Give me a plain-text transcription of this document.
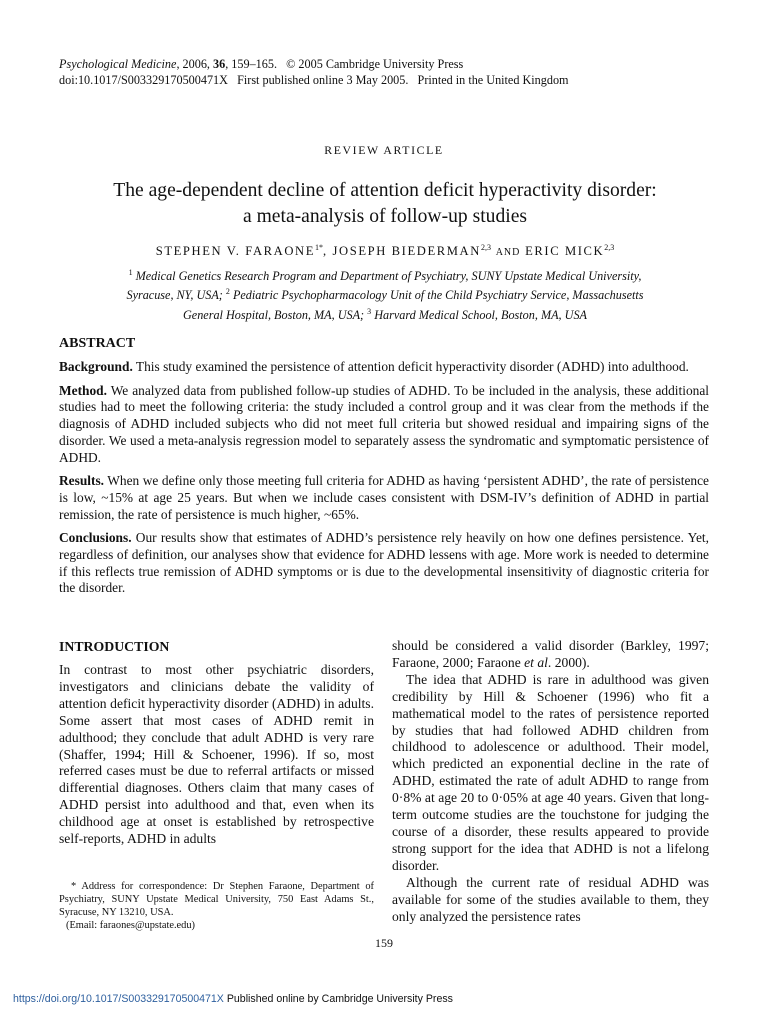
Psychological Medicine, 2006, 36, 159–165. © 2005 Cambridge University Press
doi:10.1017/S003329170500471X First published online 3 May 2005. Printed in the United Kingdom
REVIEW ARTICLE
The age-dependent decline of attention deficit hyperactivity disorder:
a meta-analysis of follow-up studies
STEPHEN V. $FARAONE^{1*}$, JOSEPH BIEDERMAN$^{2,3}$ AND ERIC MICK$^{2,3}$
$^1$ Medical Genetics Research Program and Department of Psychiatry, SUNY Upstate Medical University,
Syracuse, NY, USA; $^2$ Pediatric Psychopharmacology Unit of the Child Psychiatry Service, Massachusetts
General Hospital, Boston, MA, USA; $^3$ Harvard Medical School, Boston, MA, USA
ABSTRACT

Background. This study examined the persistence of attention deficit hyperactivity disorder (ADHD) into adulthood.

Method. We analyzed data from published follow-up studies of ADHD. To be included in the analysis, these additional studies had to meet the following criteria: the study included a control group and it was clear from the methods if the diagnosis of ADHD included subjects who did not meet full criteria but showed residual and impairing signs of the disorder. We used a meta-analysis regression model to separately assess the syndromatic and symptomatic persistence of ADHD.

Results. When we define only those meeting full criteria for ADHD as having ‘persistent ADHD’, the rate of persistence is low, ~15% at age 25 years. But when we include cases consistent with DSM-IV’s definition of ADHD in partial remission, the rate of persistence is much higher, ~65%.

Conclusions. Our results show that estimates of ADHD’s persistence rely heavily on how one defines persistence. Yet, regardless of definition, our analyses show that evidence for ADHD lessens with age. More work is needed to determine if this reflects true remission of ADHD symptoms or is due to the developmental insensitivity of diagnostic criteria for the disorder.

INTRODUCTION

In contrast to most other psychiatric disorders, investigators and clinicians debate the validity of attention deficit hyperactivity disorder (ADHD) in adults. Some assert that most cases of ADHD remit in adulthood; they conclude that adult ADHD is very rare (Shaffer, 1994; Hill & Schoener, 1996). If so, most referred cases must be due to referral artifacts or missed differential diagnoses. Others claim that many cases of ADHD persist into adulthood and that, even when its childhood age at onset is established by retrospective self-reports, ADHD in adults

should be considered a valid disorder (Barkley, 1997; Faraone, 2000; Faraone et al. 2000).

The idea that ADHD is rare in adulthood was given credibility by Hill & Schoener (1996) who fit a mathematical model to the rates of persistence reported by studies that had followed ADHD children from childhood to adolescence or adulthood. Their model, which predicted an exponential decline in the rate of ADHD, estimated the rate of adult ADHD to range from 0·8% at age 20 to 0·05% at age 40 years. Given that long-term outcome studies are the touchstone for judging the course of a disorder, these results appeared to provide strong support for the idea that ADHD is not a lifelong disorder.

Although the current rate of residual ADHD was available for some of the studies available to them, they only analyzed the persistence rates

* Address for correspondence: Dr Stephen Faraone, Department of Psychiatry, SUNY Upstate Medical University, 750 East Adams St., Syracuse, NY 13210, USA.

(Email: faraones@upstate.edu)
159
https://doi.org/10.1017/S003329170500471X Published online by Cambridge University Press
